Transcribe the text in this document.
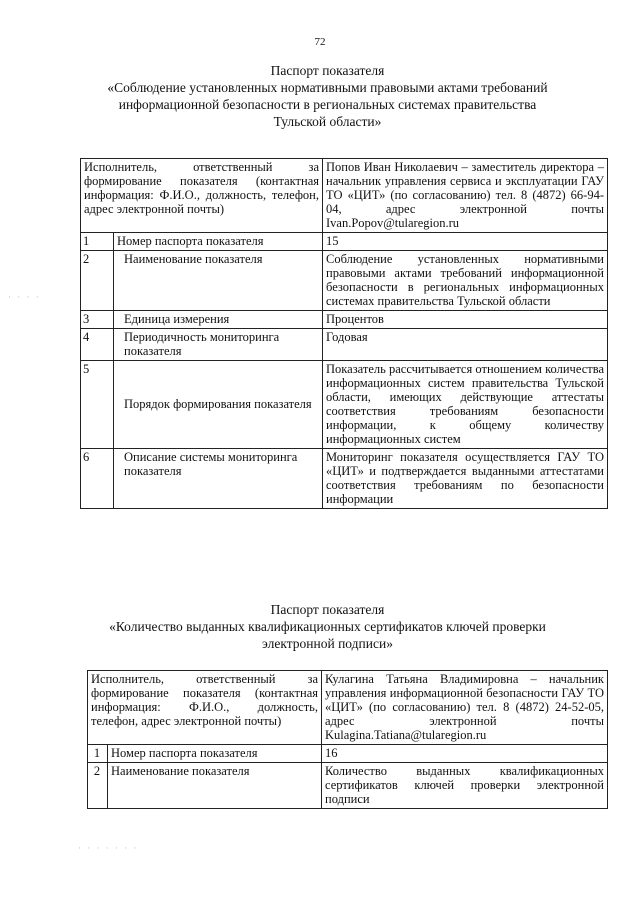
72
Паспорт показателя
«Соблюдение установленных нормативными правовыми актами требований
информационной безопасности в региональных системах правительства
Тульской области»
Исполнитель, ответственный за формирование показателя (контактная информация: Ф.И.О., должность, телефон, адрес электронной почты)		Попов Иван Николаевич – заместитель директора – начальник управления сервиса и эксплуатации ГАУ ТО «ЦИТ» (по согласованию) тел. 8 (4872) 66-94-04, адрес электронной почты Ivan.Popov@tularegion.ru
1	Номер паспорта показателя	15
2	Наименование показателя	Соблюдение установленных нормативными правовыми актами требований информационной безопасности в региональных информационных системах правительства Тульской области
3	Единица измерения	Процентов
4	Периодичность мониторинга показателя	Годовая
5	Порядок формирования показателя	Показатель рассчитывается отношением количества информационных систем правительства Тульской области, имеющих действующие аттестаты соответствия требованиям безопасности информации, к общему количеству информационных систем
6	Описание системы мониторинга показателя	Мониторинг показателя осуществляется ГАУ ТО «ЦИТ» и подтверждается выданными аттестатами соответствия требованиям по безопасности информации
Паспорт показателя
«Количество выданных квалификационных сертификатов ключей проверки
электронной подписи»
Исполнитель, ответственный за формирование показателя (контактная информация: Ф.И.О., должность, телефон, адрес электронной почты)		Кулагина Татьяна Владимировна – начальник управления информационной безопасности ГАУ ТО «ЦИТ» (по согласованию) тел. 8 (4872) 24-52-05, адрес электронной почты Kulagina.Tatiana@tularegion.ru
1	Номер паспорта показателя	16
2	Наименование показателя	Количество выданных квалификационных сертификатов ключей проверки электронной подписи
· · · ·
· · · · · · ·
